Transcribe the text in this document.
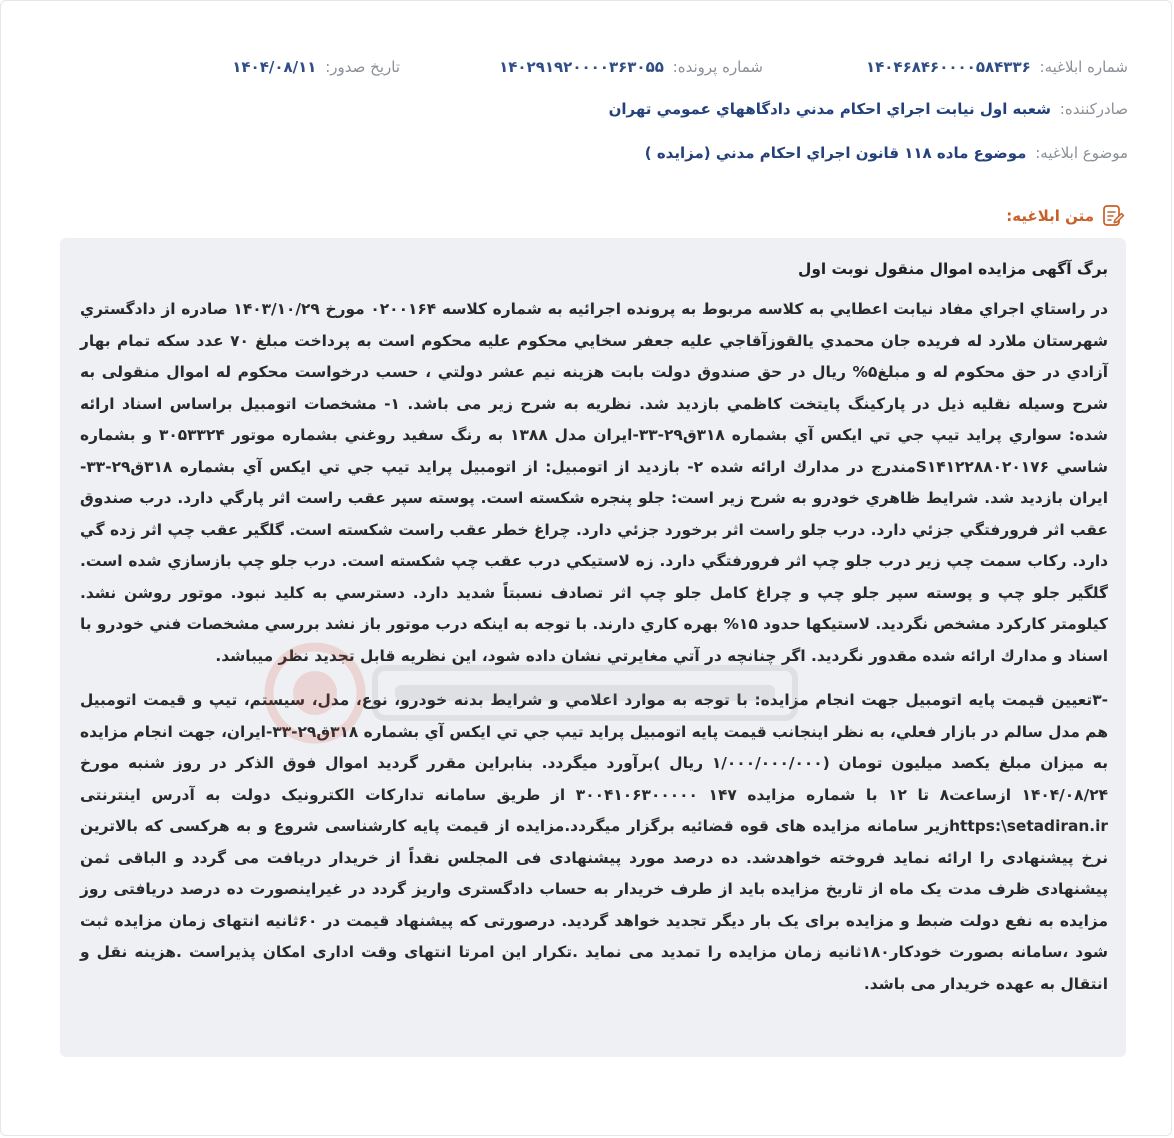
شماره ابلاغيه: ۱۴۰۴۶۸۴۶۰۰۰۰۵۸۴۳۳۶
شماره پرونده: ۱۴۰۲۹۱۹۲۰۰۰۰۳۶۳۰۵۵
تاریخ صدور: ۱۴۰۴/۰۸/۱۱
صادرکننده: شعبه اول نيابت اجراي احكام مدني دادگاههاي عمومي تهران
موضوع ابلاغيه: موضوع ماده ۱۱۸ قانون اجراي احكام مدني (مزايده )
متن ابلاغيه:
برگ آگهی مزایده اموال منقول نوبت اول

در راستاي اجراي مفاد نيابت اعطايي به كلاسه مربوط به پرونده اجرائيه به شماره كلاسه ۰۲۰۰۱۶۴ مورخ ۱۴۰۳/۱۰/۲۹ صادره از دادگستري شهرستان ملارد له فريده جان محمدي يالقوزآقاجي عليه جعفر سخايي محكوم عليه محكوم است به پرداخت مبلغ ۷۰ عدد سكه تمام بهار آزادي در حق محكوم له و مبلغ۵% ريال در حق صندوق دولت بابت هزينه نيم عشر دولتي ، حسب درخواست محكوم له اموال منقولی به شرح وسيله نقليه ذيل در پاركينگ پايتخت كاظمي بازديد شد. نظريه به شرح زير می باشد. ۱- مشخصات اتومبيل براساس اسناد ارائه شده: سواري پرايد تيپ جي تي ايكس آي بشماره ۳۱۸ق۲۹-۳۳-ايران مدل ۱۳۸۸ به رنگ سفيد روغني بشماره موتور ۳۰۵۳۳۲۴ و بشماره شاسي S۱۴۱۲۲۸۸۰۲۰۱۷۶مندرج در مدارك ارائه شده ۲- بازديد از اتومبيل: از اتومبيل پرايد تيپ جي تي ايكس آي بشماره ۳۱۸ق۲۹-۳۳-ايران بازديد شد. شرايط ظاهري خودرو به شرح زير است: جلو پنجره شكسته است. پوسته سپر عقب راست اثر پارگي دارد. درب صندوق عقب اثر فرورفتگي جزئي دارد. درب جلو راست اثر برخورد جزئي دارد. چراغ خطر عقب راست شكسته است. گلگير عقب چپ اثر زده گي دارد. ركاب سمت چپ زير درب جلو چپ اثر فرورفتگي دارد. زه لاستيكي درب عقب چپ شكسته است. درب جلو چپ بازسازي شده است. گلگير جلو چپ و پوسته سپر جلو چپ و چراغ كامل جلو چپ اثر تصادف نسبتاً شديد دارد. دسترسي به كليد نبود. موتور روشن نشد. كيلومتر كاركرد مشخص نگرديد. لاستيكها حدود ۱۵% بهره كاري دارند. با توجه به اينكه درب موتور باز نشد بررسي مشخصات فني خودرو با اسناد و مدارك ارائه شده مقدور نگرديد. اگر چنانچه در آتي مغايرتي نشان داده شود، اين نظريه قابل تجديد نظر ميباشد.

-۳تعيين قيمت پايه اتومبيل جهت انجام مزايده: با توجه به موارد اعلامي و شرايط بدنه خودرو، نوع، مدل، سيستم، تيپ و قيمت اتومبيل هم مدل سالم در بازار فعلي، به نظر اينجانب قيمت پايه اتومبيل پرايد تيپ جي تي ايكس آي بشماره ۳۱۸ق۲۹-۳۳-ايران، جهت انجام مزايده به ميزان مبلغ يكصد ميليون تومان (۱/۰۰۰/۰۰۰/۰۰۰ ريال )برآورد ميگردد. بنابراين مقرر گرديد اموال فوق الذكر در روز شنبه مورخ ۱۴۰۴/۰۸/۲۴ ازساعت۸ تا ۱۲ با شماره مزايده ۱۴۷ ۳۰۰۴۱۰۶۳۰۰۰۰۰ از طريق سامانه تداركات الكترونيک دولت به آدرس اينترنتی https:\setadiran.irزير سامانه مزايده های قوه قضائيه برگزار ميگردد.مزايده از قيمت پايه كارشناسی شروع و به هركسی كه بالاترين نرخ پيشنهادی را ارائه نمايد فروخته خواهدشد. ده درصد مورد پيشنهادی فی المجلس نقداً از خريدار دريافت می گردد و الباقی ثمن پيشنهادی ظرف مدت يک ماه از تاريخ مزايده بايد از طرف خريدار به حساب دادگستری واريز گردد در غيراينصورت ده درصد دريافتی روز مزايده به نفع دولت ضبط و مزايده برای يک بار ديگر تجديد خواهد گرديد. درصورتی كه پيشنهاد قيمت در ۶۰ثانيه انتهای زمان مزايده ثبت شود ،سامانه بصورت خودكار۱۸۰ثانيه زمان مزايده را تمديد می نمايد .تكرار اين امرتا انتهای وقت اداری امكان پذيراست .هزينه نقل و انتقال به عهده خريدار می باشد.
